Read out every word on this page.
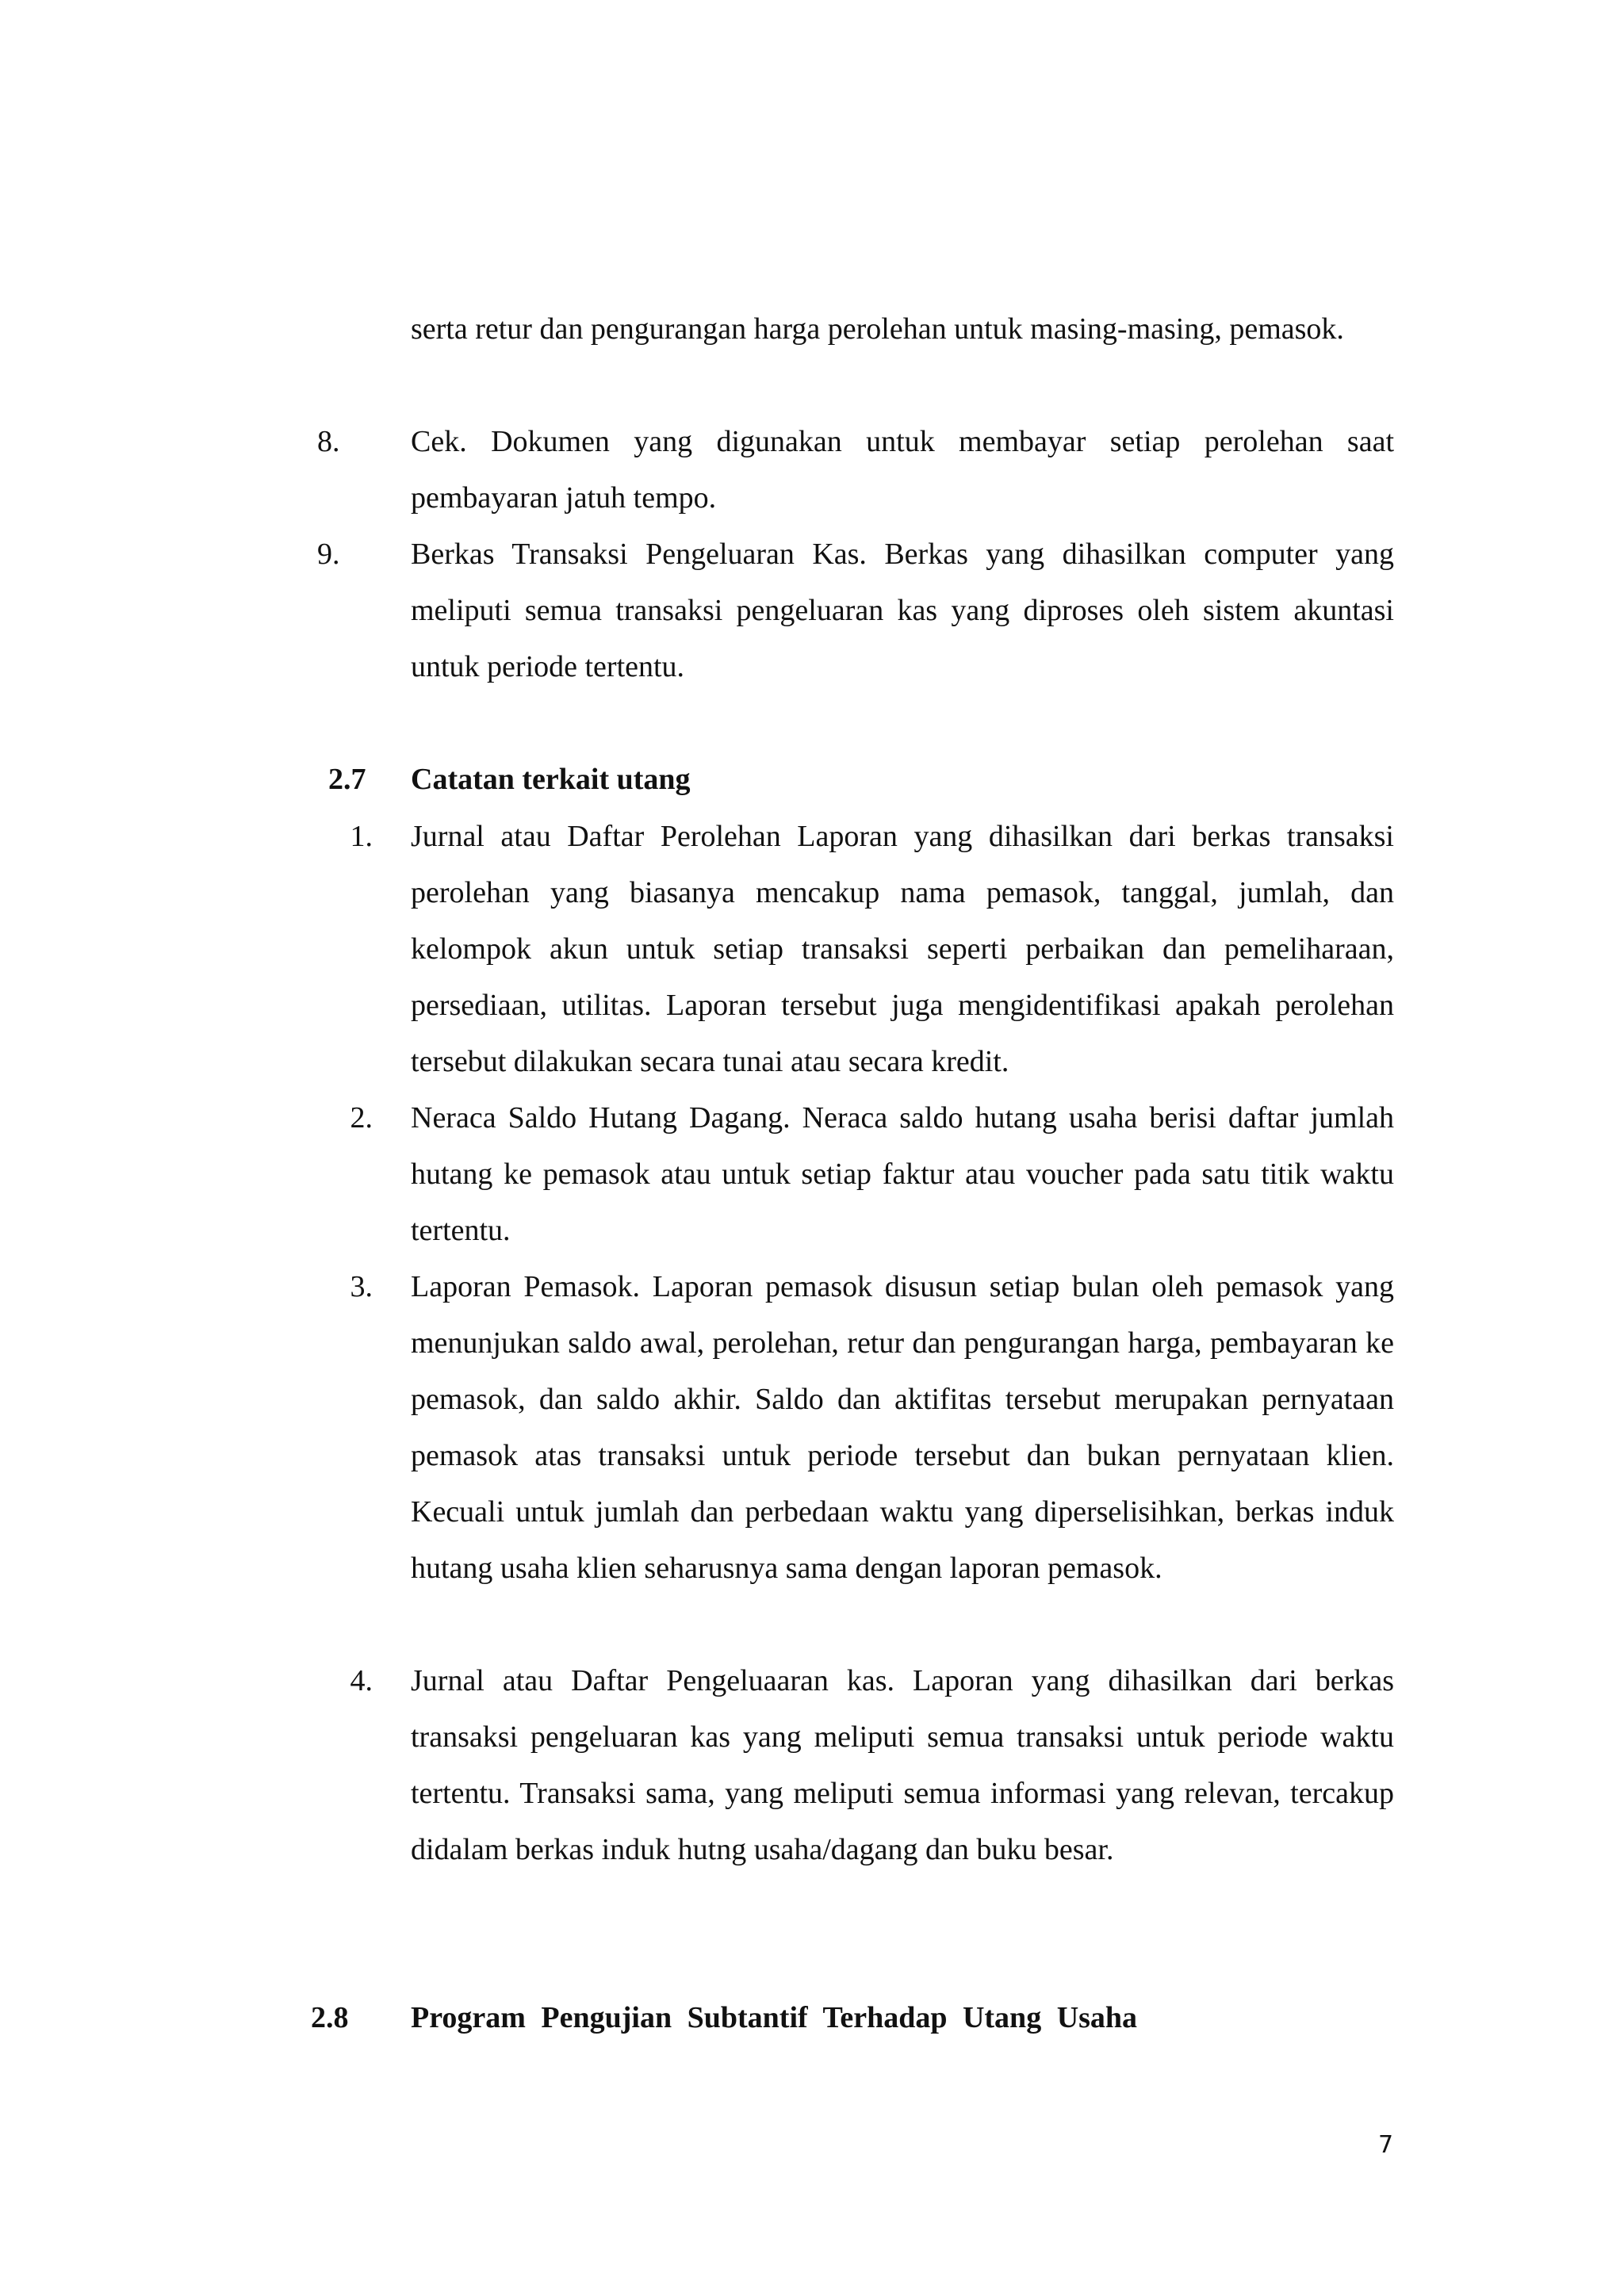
serta retur dan pengurangan harga perolehan untuk masing-masing, pemasok.

8.	Cek. Dokumen yang digunakan untuk membayar setiap perolehan saat pembayaran jatuh tempo.

9.	Berkas Transaksi Pengeluaran Kas. Berkas yang dihasilkan computer yang meliputi semua transaksi pengeluaran kas yang diproses oleh sistem akuntasi untuk periode tertentu.

2.7 Catatan terkait utang

1. Jurnal atau Daftar Perolehan Laporan yang dihasilkan dari berkas transaksi perolehan yang biasanya mencakup nama pemasok, tanggal, jumlah, dan kelompok akun untuk setiap transaksi seperti perbaikan dan pemeliharaan, persediaan, utilitas. Laporan tersebut juga mengidentifikasi apakah perolehan tersebut dilakukan secara tunai atau secara kredit.

2. Neraca Saldo Hutang Dagang. Neraca saldo hutang usaha berisi daftar jumlah hutang ke pemasok atau untuk setiap faktur atau voucher pada satu titik waktu tertentu.

3. Laporan Pemasok. Laporan pemasok disusun setiap bulan oleh pemasok yang menunjukan saldo awal, perolehan, retur dan pengurangan harga, pembayaran ke pemasok, dan saldo akhir. Saldo dan aktifitas tersebut merupakan pernyataan pemasok atas transaksi untuk periode tersebut dan bukan pernyataan klien. Kecuali untuk jumlah dan perbedaan waktu yang diperselisihkan, berkas induk hutang usaha klien seharusnya sama dengan laporan pemasok.

4. Jurnal atau Daftar Pengeluaaran kas. Laporan yang dihasilkan dari berkas transaksi pengeluaran kas yang meliputi semua transaksi untuk periode waktu tertentu. Transaksi sama, yang meliputi semua informasi yang relevan, tercakup didalam berkas induk hutng usaha/dagang dan buku besar.

2.8 Program Pengujian Subtantif Terhadap Utang Usaha

7
